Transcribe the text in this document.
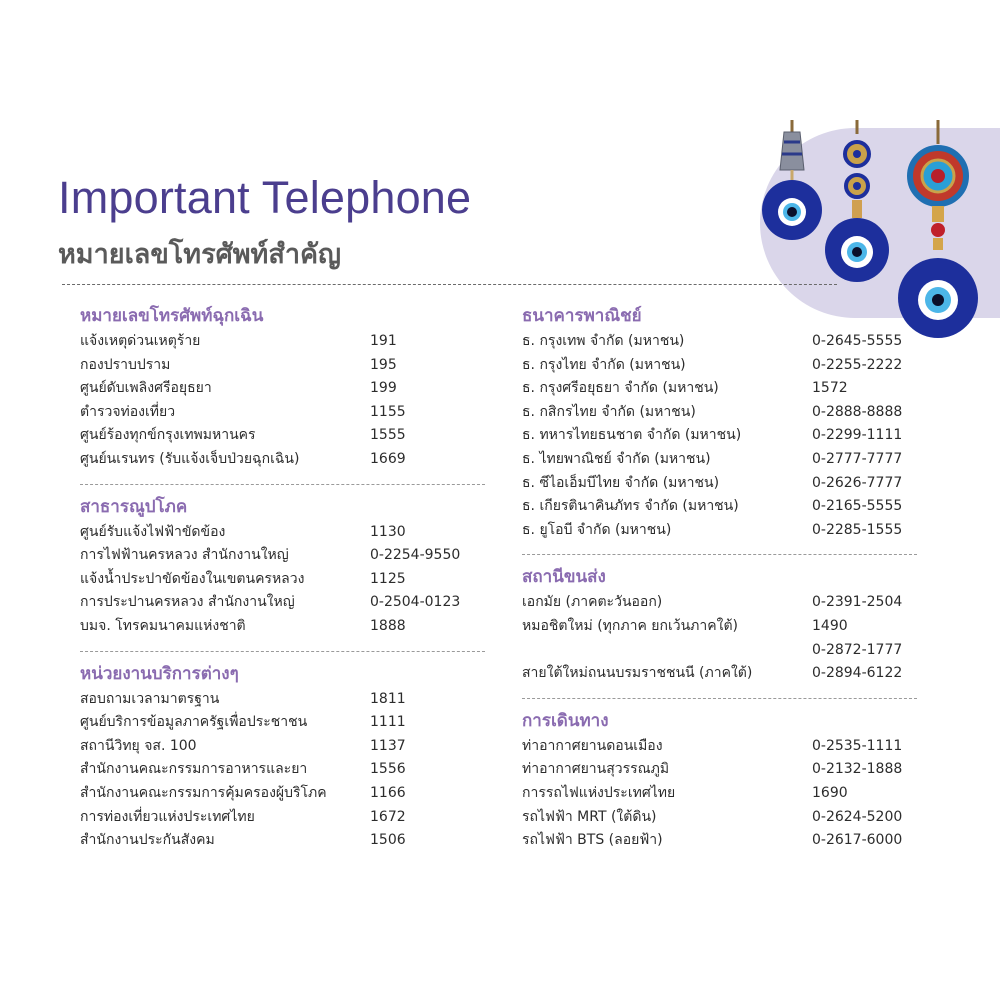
Important Telephone
หมายเลขโทรศัพท์สำคัญ
หมายเลขโทรศัพท์ฉุกเฉิน
แจ้งเหตุด่วนเหตุร้าย	191
กองปราบปราม	195
ศูนย์ดับเพลิงศรีอยุธยา	199
ตำรวจท่องเที่ยว	1155
ศูนย์ร้องทุกข์กรุงเทพมหานคร	1555
ศูนย์นเรนทร (รับแจ้งเจ็บป่วยฉุกเฉิน)	1669
สาธารณูปโภค
ศูนย์รับแจ้งไฟฟ้าขัดข้อง	1130
การไฟฟ้านครหลวง สำนักงานใหญ่	0-2254-9550
แจ้งน้ำประปาขัดข้องในเขตนครหลวง	1125
การประปานครหลวง สำนักงานใหญ่	0-2504-0123
บมจ. โทรคมนาคมแห่งชาติ	1888
หน่วยงานบริการต่างๆ
สอบถามเวลามาตรฐาน	1811
ศูนย์บริการข้อมูลภาครัฐเพื่อประชาชน	1111
สถานีวิทยุ จส. 100	1137
สำนักงานคณะกรรมการอาหารและยา	1556
สำนักงานคณะกรรมการคุ้มครองผู้บริโภค	1166
การท่องเที่ยวแห่งประเทศไทย	1672
สำนักงานประกันสังคม	1506
ธนาคารพาณิชย์
ธ. กรุงเทพ จำกัด (มหาชน)	0-2645-5555
ธ. กรุงไทย จำกัด (มหาชน)	0-2255-2222
ธ. กรุงศรีอยุธยา จำกัด (มหาชน)	1572
ธ. กสิกรไทย จำกัด (มหาชน)	0-2888-8888
ธ. ทหารไทยธนชาต จำกัด (มหาชน)	0-2299-1111
ธ. ไทยพาณิชย์ จำกัด (มหาชน)	0-2777-7777
ธ. ซีไอเอ็มบีไทย จำกัด (มหาชน)	0-2626-7777
ธ. เกียรตินาคินภัทร จำกัด (มหาชน)	0-2165-5555
ธ. ยูโอบี จำกัด (มหาชน)	0-2285-1555
สถานีขนส่ง
เอกมัย (ภาคตะวันออก)	0-2391-2504
หมอชิตใหม่ (ทุกภาค ยกเว้นภาคใต้)	1490
0-2872-1777
สายใต้ใหม่ถนนบรมราชชนนี (ภาคใต้)	0-2894-6122
การเดินทาง
ท่าอากาศยานดอนเมือง	0-2535-1111
ท่าอากาศยานสุวรรณภูมิ	0-2132-1888
การรถไฟแห่งประเทศไทย	1690
รถไฟฟ้า MRT (ใต้ดิน)	0-2624-5200
รถไฟฟ้า BTS (ลอยฟ้า)	0-2617-6000
